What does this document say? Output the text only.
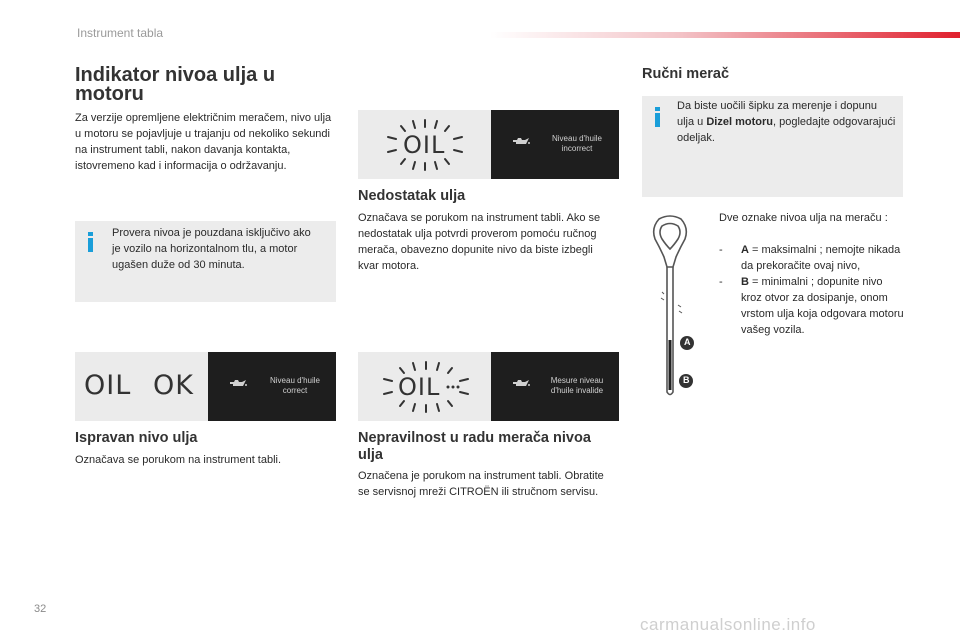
Instrument tabla
Indikator nivoa ulja u motoru
Za verzije opremljene električnim meračem, nivo ulja u motoru se pojavljuje u trajanju od nekoliko sekundi na instrument tabli, nakon davanja kontakta, istovremeno kad i informacija o održavanju.
Provera nivoa je pouzdana isključivo ako je vozilo na horizontalnom tlu, a motor ugašen duže od 30 minuta.
OIL OK	Niveau d'huile correct
Ispravan nivo ulja
Označava se porukom na instrument tabli.
OIL	Niveau d'huile incorrect
Nedostatak ulja
Označava se porukom na instrument tabli. Ako se nedostatak ulja potvrdi proverom pomoću ručnog merača, obavezno dopunite nivo da biste izbegli kvar motora.
OIL	Mesure niveau d'huile invalide
Nepravilnost u radu merača nivoa ulja
Označena je porukom na instrument tabli. Obratite se servisnoj mreži CITROËN ili stručnom servisu.
Ručni merač
Da biste uočili šipku za merenje i dopunu ulja u Dizel motoru, pogledajte odgovarajući odeljak.
A
B
Dve oznake nivoa ulja na meraču :
- A = maksimalni ; nemojte nikada da prekoračite ovaj nivo,
- B = minimalni ; dopunite nivo kroz otvor za dosipanje, onom vrstom ulja koja odgovara motoru vašeg vozila.
32
carmanualsonline.info
